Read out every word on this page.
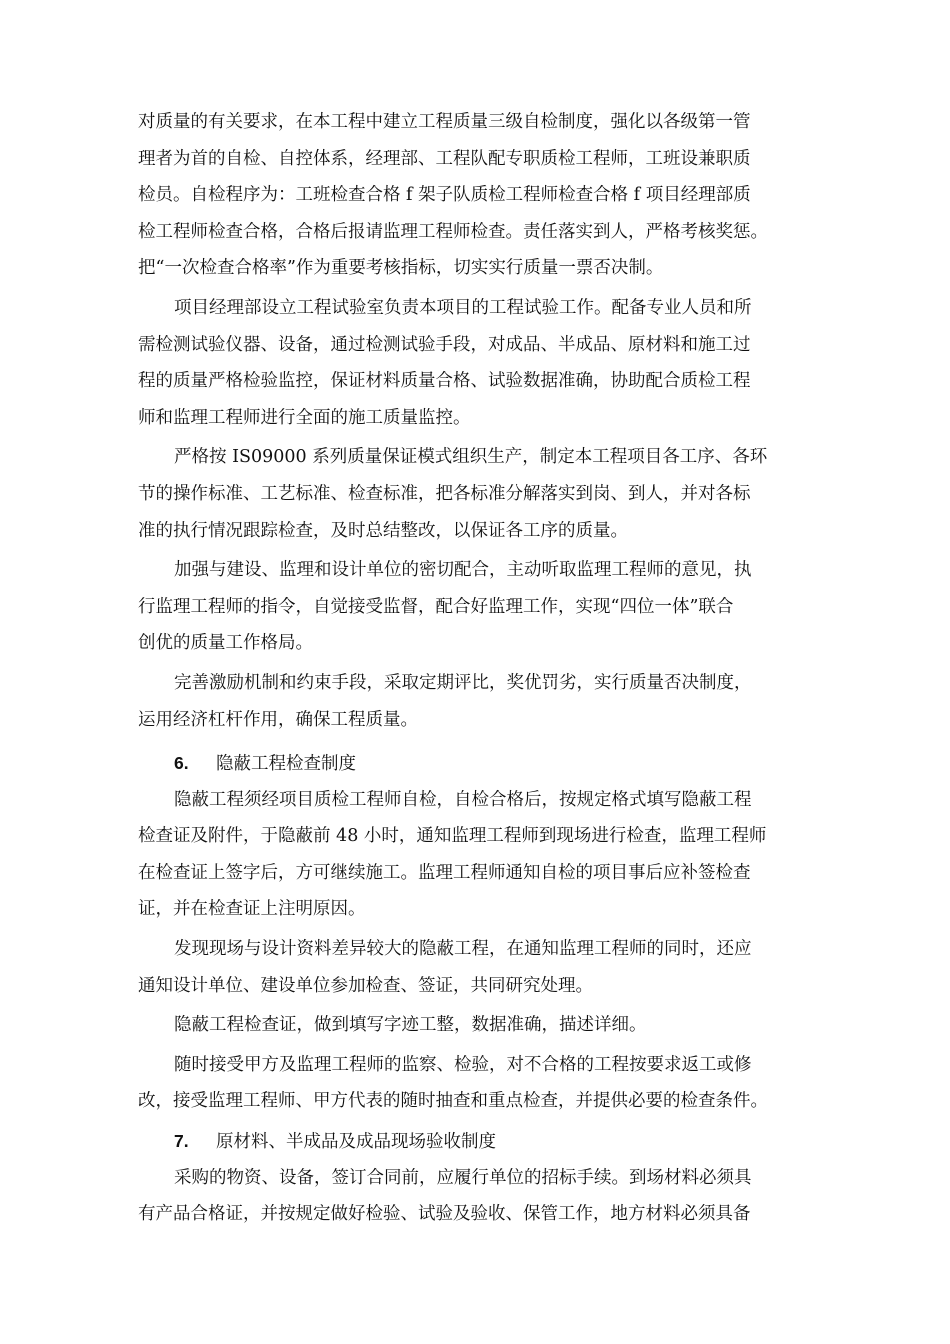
对质量的有关要求，在本工程中建立工程质量三级自检制度，强化以各级第一管
理者为首的自检、自控体系，经理部、工程队配专职质检工程师，工班设兼职质
检员。自检程序为：工班检查合格 f 架子队质检工程师检查合格 f 项目经理部质
检工程师检查合格，合格后报请监理工程师检查。责任落实到人，严格考核奖惩。
把“一次检查合格率”作为重要考核指标，切实实行质量一票否决制。
项目经理部设立工程试验室负责本项目的工程试验工作。配备专业人员和所
需检测试验仪器、设备，通过检测试验手段，对成品、半成品、原材料和施工过
程的质量严格检验监控，保证材料质量合格、试验数据准确，协助配合质检工程
师和监理工程师进行全面的施工质量监控。
严格按 IS09000 系列质量保证模式组织生产，制定本工程项目各工序、各环
节的操作标准、工艺标准、检查标准，把各标准分解落实到岗、到人，并对各标
准的执行情况跟踪检查，及时总结整改，以保证各工序的质量。
加强与建设、监理和设计单位的密切配合，主动听取监理工程师的意见，执
行监理工程师的指令，自觉接受监督，配合好监理工作，实现“四位一体”联合
创优的质量工作格局。
完善激励机制和约束手段，采取定期评比，奖优罚劣，实行质量否决制度，
运用经济杠杆作用，确保工程质量。
6. 隐蔽工程检查制度
隐蔽工程须经项目质检工程师自检，自检合格后，按规定格式填写隐蔽工程
检查证及附件，于隐蔽前 48 小时，通知监理工程师到现场进行检查，监理工程师
在检查证上签字后，方可继续施工。监理工程师通知自检的项目事后应补签检查
证，并在检查证上注明原因。
发现现场与设计资料差异较大的隐蔽工程，在通知监理工程师的同时，还应
通知设计单位、建设单位参加检查、签证，共同研究处理。
隐蔽工程检查证，做到填写字迹工整，数据准确，描述详细。
随时接受甲方及监理工程师的监察、检验，对不合格的工程按要求返工或修
改，接受监理工程师、甲方代表的随时抽查和重点检查，并提供必要的检查条件。
7. 原材料、半成品及成品现场验收制度
采购的物资、设备，签订合同前，应履行单位的招标手续。到场材料必须具
有产品合格证，并按规定做好检验、试验及验收、保管工作，地方材料必须具备
